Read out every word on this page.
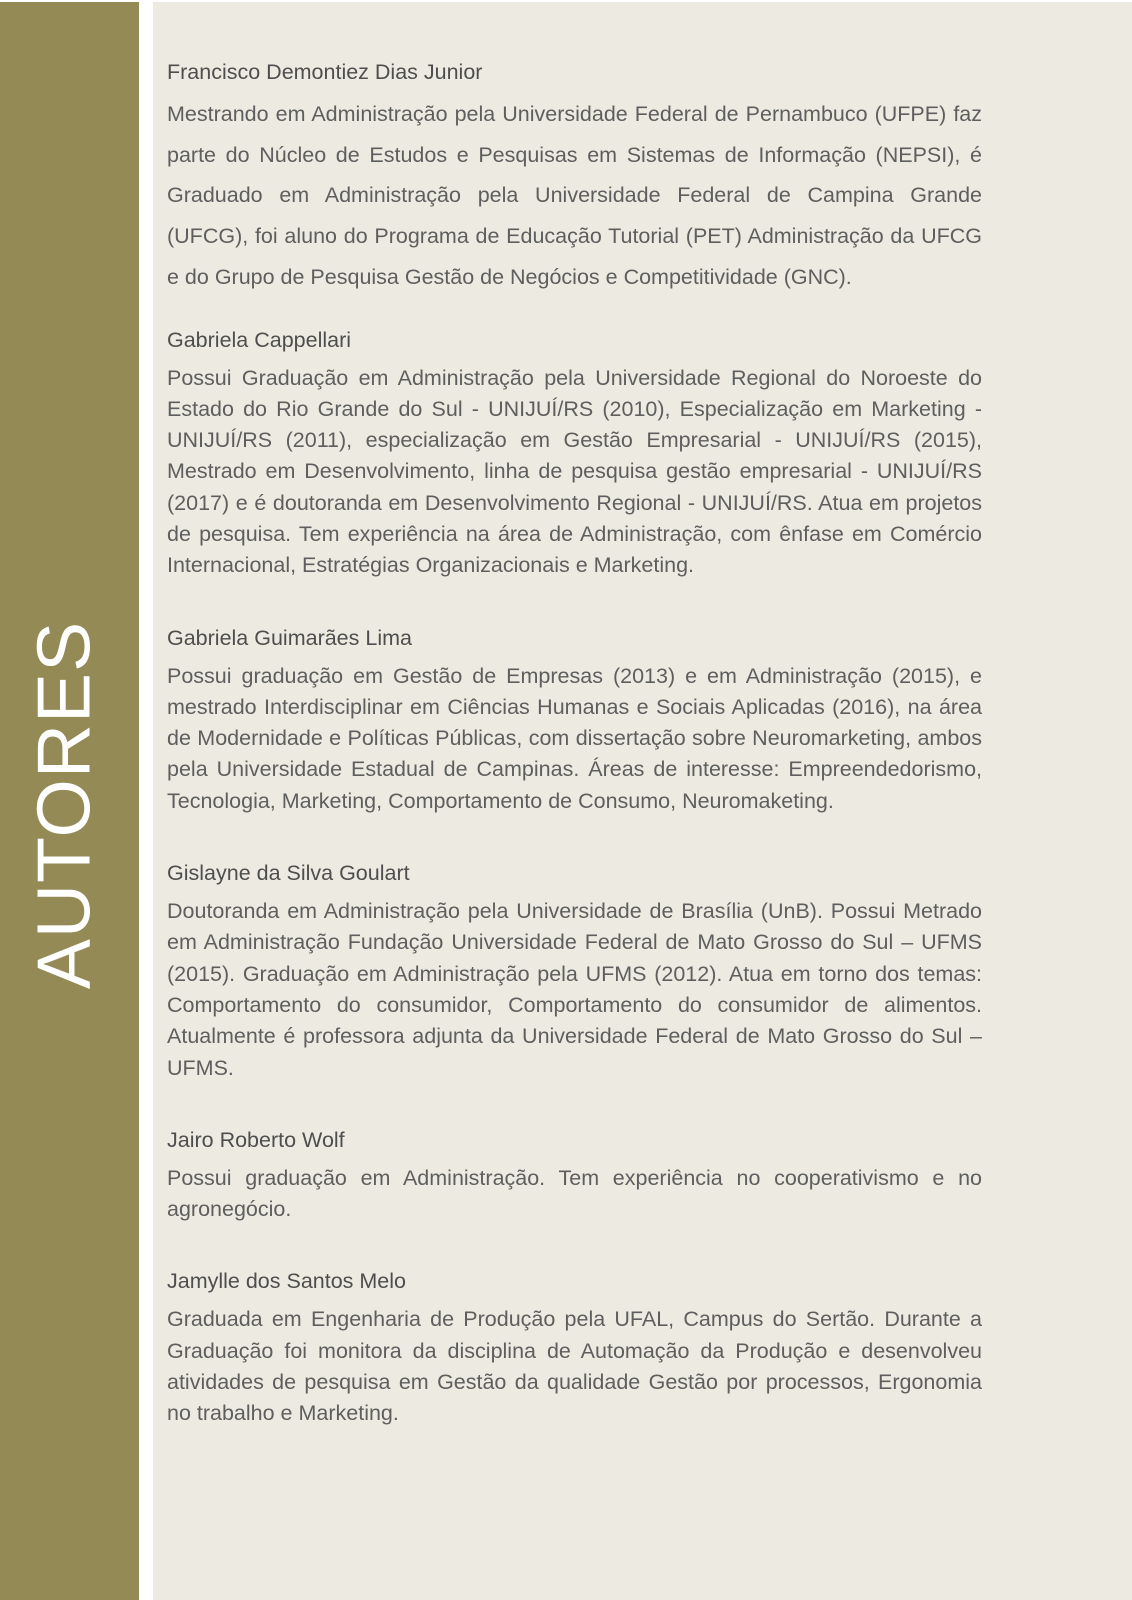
AUTORES
Francisco Demontiez Dias Junior
Mestrando em Administração pela Universidade Federal de Pernambuco (UFPE) faz parte do Núcleo de Estudos e Pesquisas em Sistemas de Informação (NEPSI), é Graduado em Administração pela Universidade Federal de Campina Grande (UFCG), foi aluno do Programa de Educação Tutorial (PET) Administração da UFCG e do Grupo de Pesquisa Gestão de Negócios e Competitividade (GNC).
Gabriela Cappellari
Possui Graduação em Administração pela Universidade Regional do Noroeste do Estado do Rio Grande do Sul - UNIJUÍ/RS (2010), Especialização em Marketing - UNIJUÍ/RS (2011), especialização em Gestão Empresarial - UNIJUÍ/RS (2015), Mestrado em Desenvolvimento, linha de pesquisa gestão empresarial - UNIJUÍ/RS (2017) e é doutoranda em Desenvolvimento Regional - UNIJUÍ/RS. Atua em projetos de pesquisa. Tem experiência na área de Administração, com ênfase em Comércio Internacional, Estratégias Organizacionais e Marketing.
Gabriela Guimarães Lima
Possui graduação em Gestão de Empresas (2013) e em Administração (2015), e mestrado Interdisciplinar em Ciências Humanas e Sociais Aplicadas (2016), na área de Modernidade e Políticas Públicas, com dissertação sobre Neuromarketing, ambos pela Universidade Estadual de Campinas. Áreas de interesse: Empreendedorismo, Tecnologia, Marketing, Comportamento de Consumo, Neuromaketing.
Gislayne da Silva Goulart
Doutoranda em Administração pela Universidade de Brasília (UnB). Possui Metrado em Administração Fundação Universidade Federal de Mato Grosso do Sul – UFMS (2015). Graduação em Administração pela UFMS (2012). Atua em torno dos temas: Comportamento do consumidor, Comportamento do consumidor de alimentos. Atualmente é professora adjunta da Universidade Federal de Mato Grosso do Sul – UFMS.
Jairo Roberto Wolf
Possui graduação em Administração. Tem experiência no cooperativismo e no agronegócio.
Jamylle dos Santos Melo
Graduada em Engenharia de Produção pela UFAL, Campus do Sertão. Durante a Graduação foi monitora da disciplina de Automação da Produção e desenvolveu atividades de pesquisa em Gestão da qualidade Gestão por processos, Ergonomia no trabalho e Marketing.
